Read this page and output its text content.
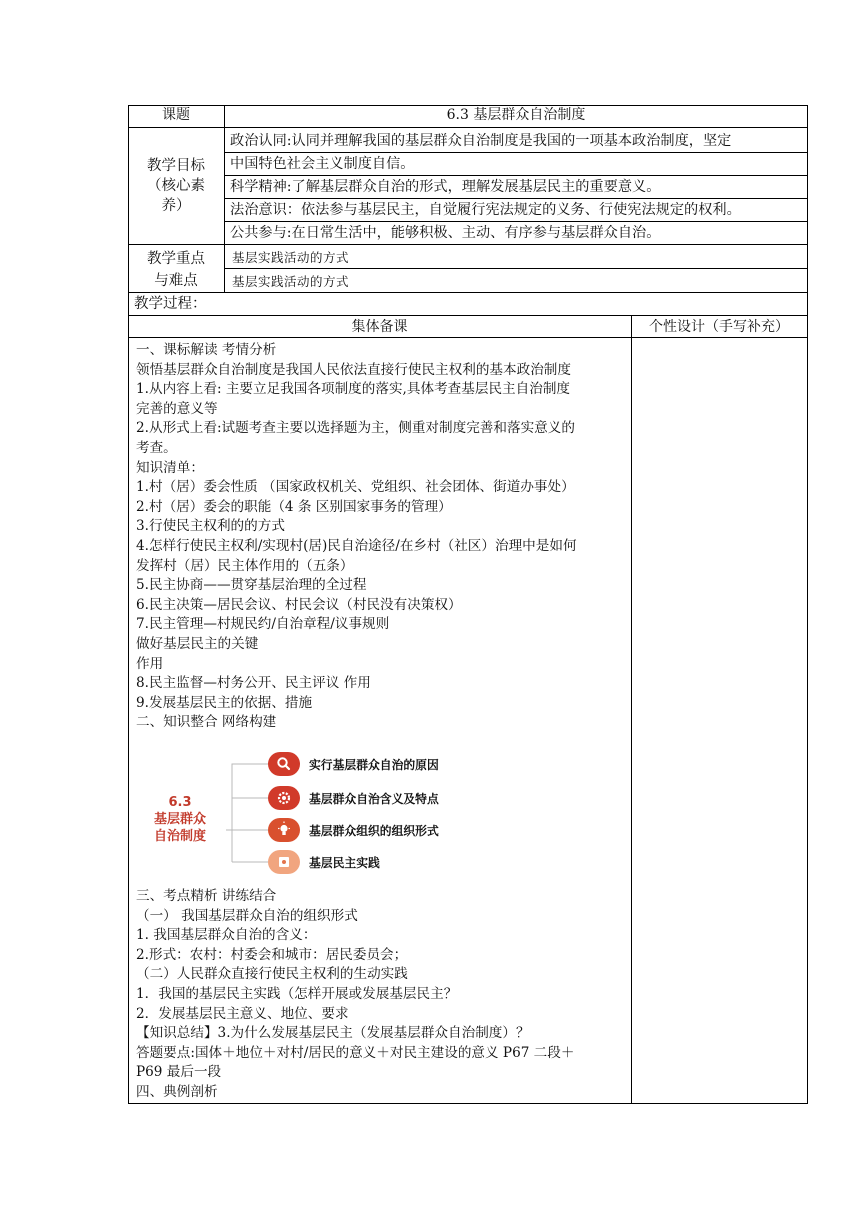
课题	6.3 基层群众自治制度
教学目标
（核心素
养）
政治认同:认同并理解我国的基层群众自治制度是我国的一项基本政治制度，坚定
中国特色社会主义制度自信。
科学精神:了解基层群众自治的形式，理解发展基层民主的重要意义。
法治意识：依法参与基层民主，自觉履行宪法规定的义务、行使宪法规定的权利。
公共参与:在日常生活中，能够积极、主动、有序参与基层群众自治。
教学重点
与难点
基层实践活动的方式
基层实践活动的方式
教学过程：
集体备课	个性设计（手写补充）
一、课标解读 考情分析
领悟基层群众自治制度是我国人民依法直接行使民主权利的基本政治制度
1.从内容上看: 主要立足我国各项制度的落实,具体考查基层民主自治制度
完善的意义等
2.从形式上看:试题考查主要以选择题为主，侧重对制度完善和落实意义的
考查。
知识清单：
1.村（居）委会性质 （国家政权机关、党组织、社会团体、街道办事处）
2.村（居）委会的职能（4 条 区别国家事务的管理）
3.行使民主权利的的方式
4.怎样行使民主权利/实现村(居)民自治途径/在乡村（社区）治理中是如何
发挥村（居）民主体作用的（五条）
5.民主协商——贯穿基层治理的全过程
6.民主决策—居民会议、村民会议（村民没有决策权）
7.民主管理—村规民约/自治章程/议事规则
做好基层民主的关键
作用
8.民主监督—村务公开、民主评议 作用
9.发展基层民主的依据、措施
二、知识整合 网络构建
6.3
基层群众
自治制度
实行基层群众自治的原因
基层群众自治含义及特点
基层群众组织的组织形式
基层民主实践
三、考点精析 讲练结合
（一） 我国基层群众自治的组织形式
1. 我国基层群众自治的含义：
2.形式：农村：村委会和城市：居民委员会；
（二）人民群众直接行使民主权利的生动实践
1．我国的基层民主实践（怎样开展或发展基层民主？
2．发展基层民主意义、地位、要求
【知识总结】3.为什么发展基层民主（发展基层群众自治制度）？
答题要点:国体＋地位＋对村/居民的意义＋对民主建设的意义 P67 二段＋
P69 最后一段
四、典例剖析
